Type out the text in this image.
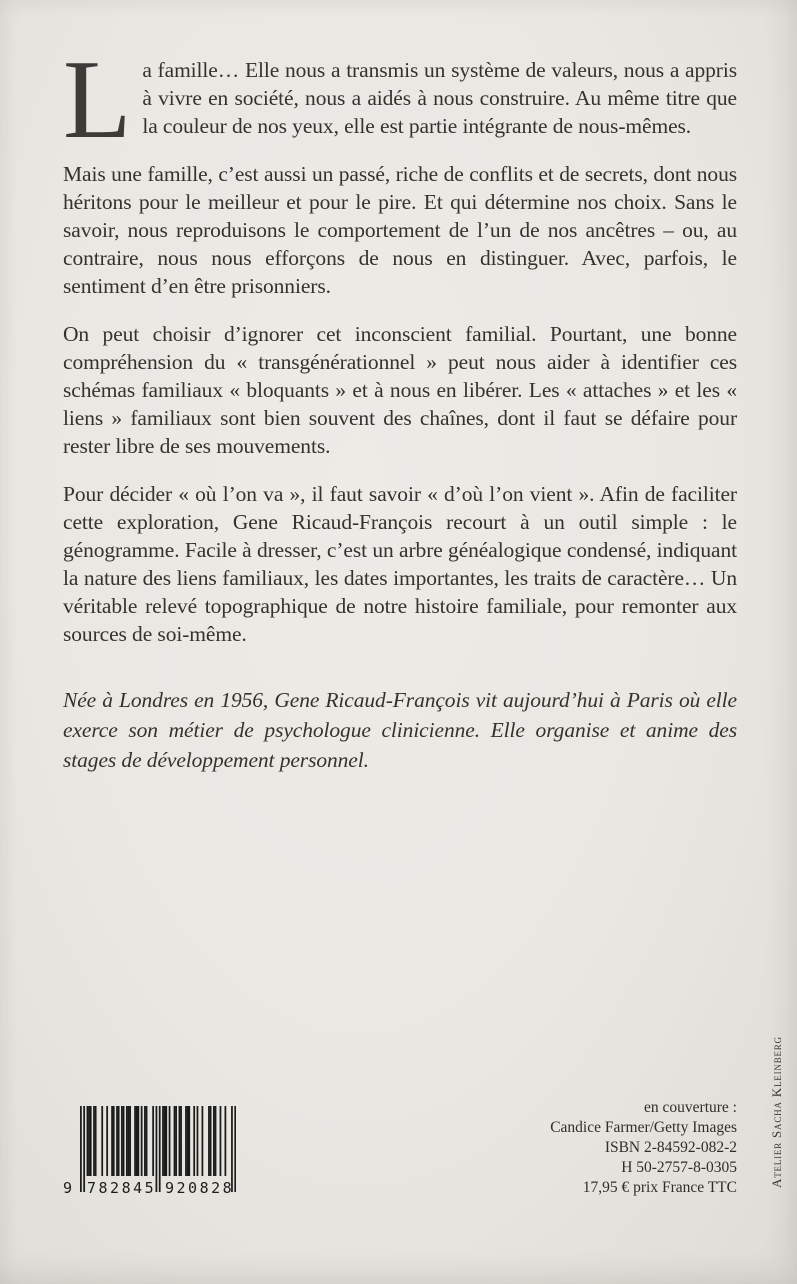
La famille… Elle nous a transmis un système de valeurs, nous a appris à vivre en société, nous a aidés à nous construire. Au même titre que la couleur de nos yeux, elle est partie intégrante de nous-mêmes.

Mais une famille, c’est aussi un passé, riche de conflits et de secrets, dont nous héritons pour le meilleur et pour le pire. Et qui détermine nos choix. Sans le savoir, nous reproduisons le comportement de l’un de nos ancêtres – ou, au contraire, nous nous efforçons de nous en distinguer. Avec, parfois, le sentiment d’en être prisonniers.

On peut choisir d’ignorer cet inconscient familial. Pourtant, une bonne compréhension du « transgénérationnel » peut nous aider à identifier ces schémas familiaux « bloquants » et à nous en libérer. Les « attaches » et les « liens » familiaux sont bien souvent des chaînes, dont il faut se défaire pour rester libre de ses mouvements.

Pour décider « où l’on va », il faut savoir « d’où l’on vient ». Afin de faciliter cette exploration, Gene Ricaud-François recourt à un outil simple : le génogramme. Facile à dresser, c’est un arbre généalogique condensé, indiquant la nature des liens familiaux, les dates importantes, les traits de caractère… Un véritable relevé topographique de notre histoire familiale, pour remonter aux sources de soi-même.

Née à Londres en 1956, Gene Ricaud-François vit aujourd’hui à Paris où elle exerce son métier de psychologue clinicienne. Elle organise et anime des stages de développement personnel.

9 782845 920828
en couverture :
Candice Farmer/Getty Images
ISBN 2-84592-082-2
H 50-2757-8-0305
17,95 € prix France TTC Atelier Sacha Kleinberg
